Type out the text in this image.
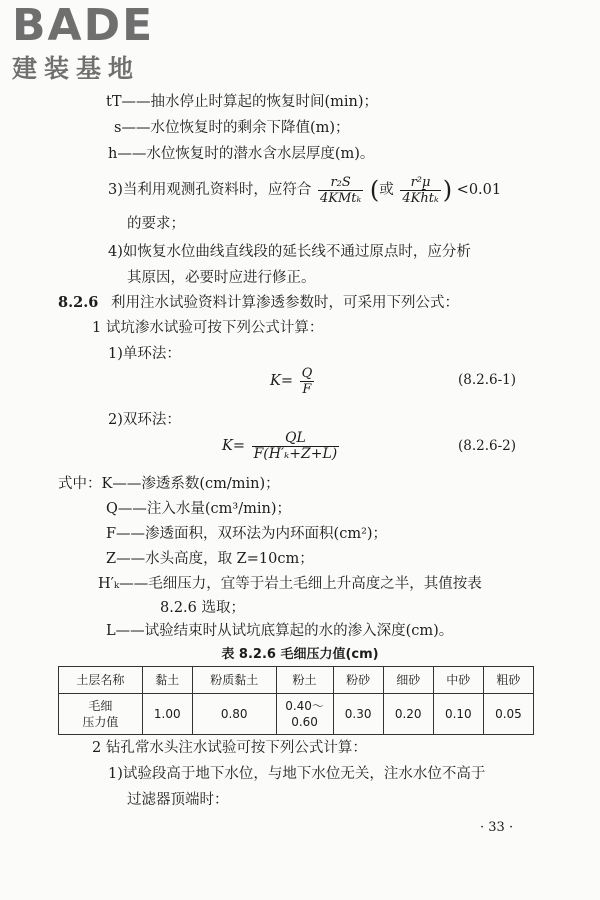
BADE
建装基地
tT——抽水停止时算起的恢复时间(min)；
s——水位恢复时的剩余下降值(m)；
h——水位恢复时的潜水含水层厚度(m)。
3)当利用观测孔资料时，应符合 $\frac{\text{r₂S}}{\text{4KMtₖ}}$ (或 $\frac{\text{r²μ}}{\text{4Kh̄tₖ}}$ ) <0.01
的要求；
4)如恢复水位曲线直线段的延长线不通过原点时，应分析
其原因，必要时应进行修正。
8.2.6 利用注水试验资料计算渗透参数时，可采用下列公式：
1 试坑渗水试验可按下列公式计算：
1)单环法：
$K= \frac{Q}{F}$	(8.2.6-1)
2)双环法：
$K= \frac{QL}{\text{F(H′ₖ+Z+L)}}$	(8.2.6-2)
式中：K——渗透系数(cm/min)；
Q——注入水量(cm³/min)；
F——渗透面积，双环法为内环面积(cm²)；
Z——水头高度，取 Z=10cm；
H′ₖ——毛细压力，宜等于岩土毛细上升高度之半，其值按表
8.2.6 选取；
L——试验结束时从试坑底算起的水的渗入深度(cm)。
表 8.2.6 毛细压力值(cm)
土层名称	黏土	粉质黏土	粉土	粉砂	细砂	中砂	粗砂
毛细
压力值	1.00	0.80	0.40～0.60	0.30	0.20	0.10	0.05
2 钻孔常水头注水试验可按下列公式计算：
1)试验段高于地下水位，与地下水位无关，注水水位不高于
过滤器顶端时：
· 33 ·
